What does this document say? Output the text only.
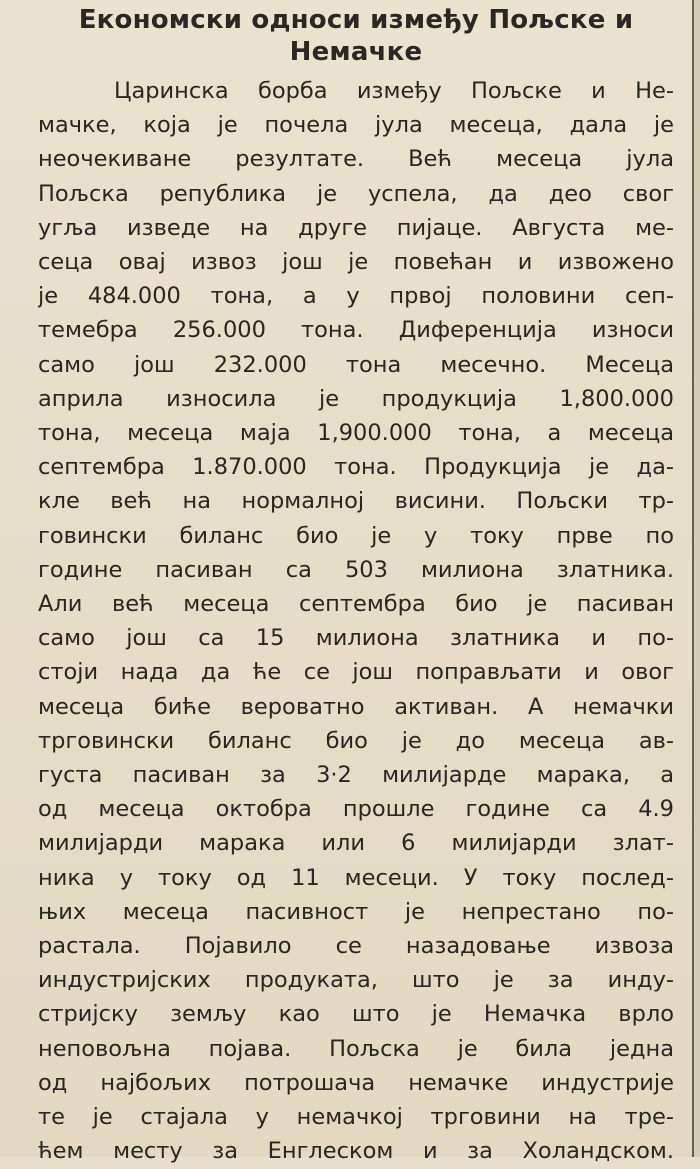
Економски односи између Пољске и
Немачке
Царинска борба између Пољске и Не-
мачке, која је почела јула месеца, дала је
неочекиване резултате. Већ месеца јула
Пољска република је успела, да део свог
угља изведе на друге пијаце. Августа ме-
сеца овај извоз још је повећан и извожено
је 484.000 тона, а у првој половини сеп-
темебра 256.000 тона. Диференција износи
само још 232.000 тона месечно. Месеца
априла износила је продукција 1,800.000
тона, месеца маја 1,900.000 тона, а месеца
септембра 1.870.000 тона. Продукција је да-
кле већ на нормалној висини. Пољски тр-
говински биланс био је у току прве по
године пасиван са 503 милиона златника.
Али већ месеца септембра био је пасиван
само још са 15 милиона златника и по-
стоји нада да ће се још поправљати и овог
месеца биће вероватно активан. А немачки
трговински биланс био је до месеца ав-
густа пасиван за 3·2 милијарде марака, а
од месеца октобра прошле године са 4.9
милијарди марака или 6 милијарди злат-
ника у току од 11 месеци. У току послед-
њих месеца пасивност је непрестано по-
растала. Појавило се назадовање извоза
индустријских продуката, што је за инду-
стријску земљу као што је Немачка врло
неповољна појава. Пољска је била једна
од најбољих потрошача немачке индустрије
те је стајала у немачкој трговини на тре-
ћем месту за Енглеском и за Холандском.
